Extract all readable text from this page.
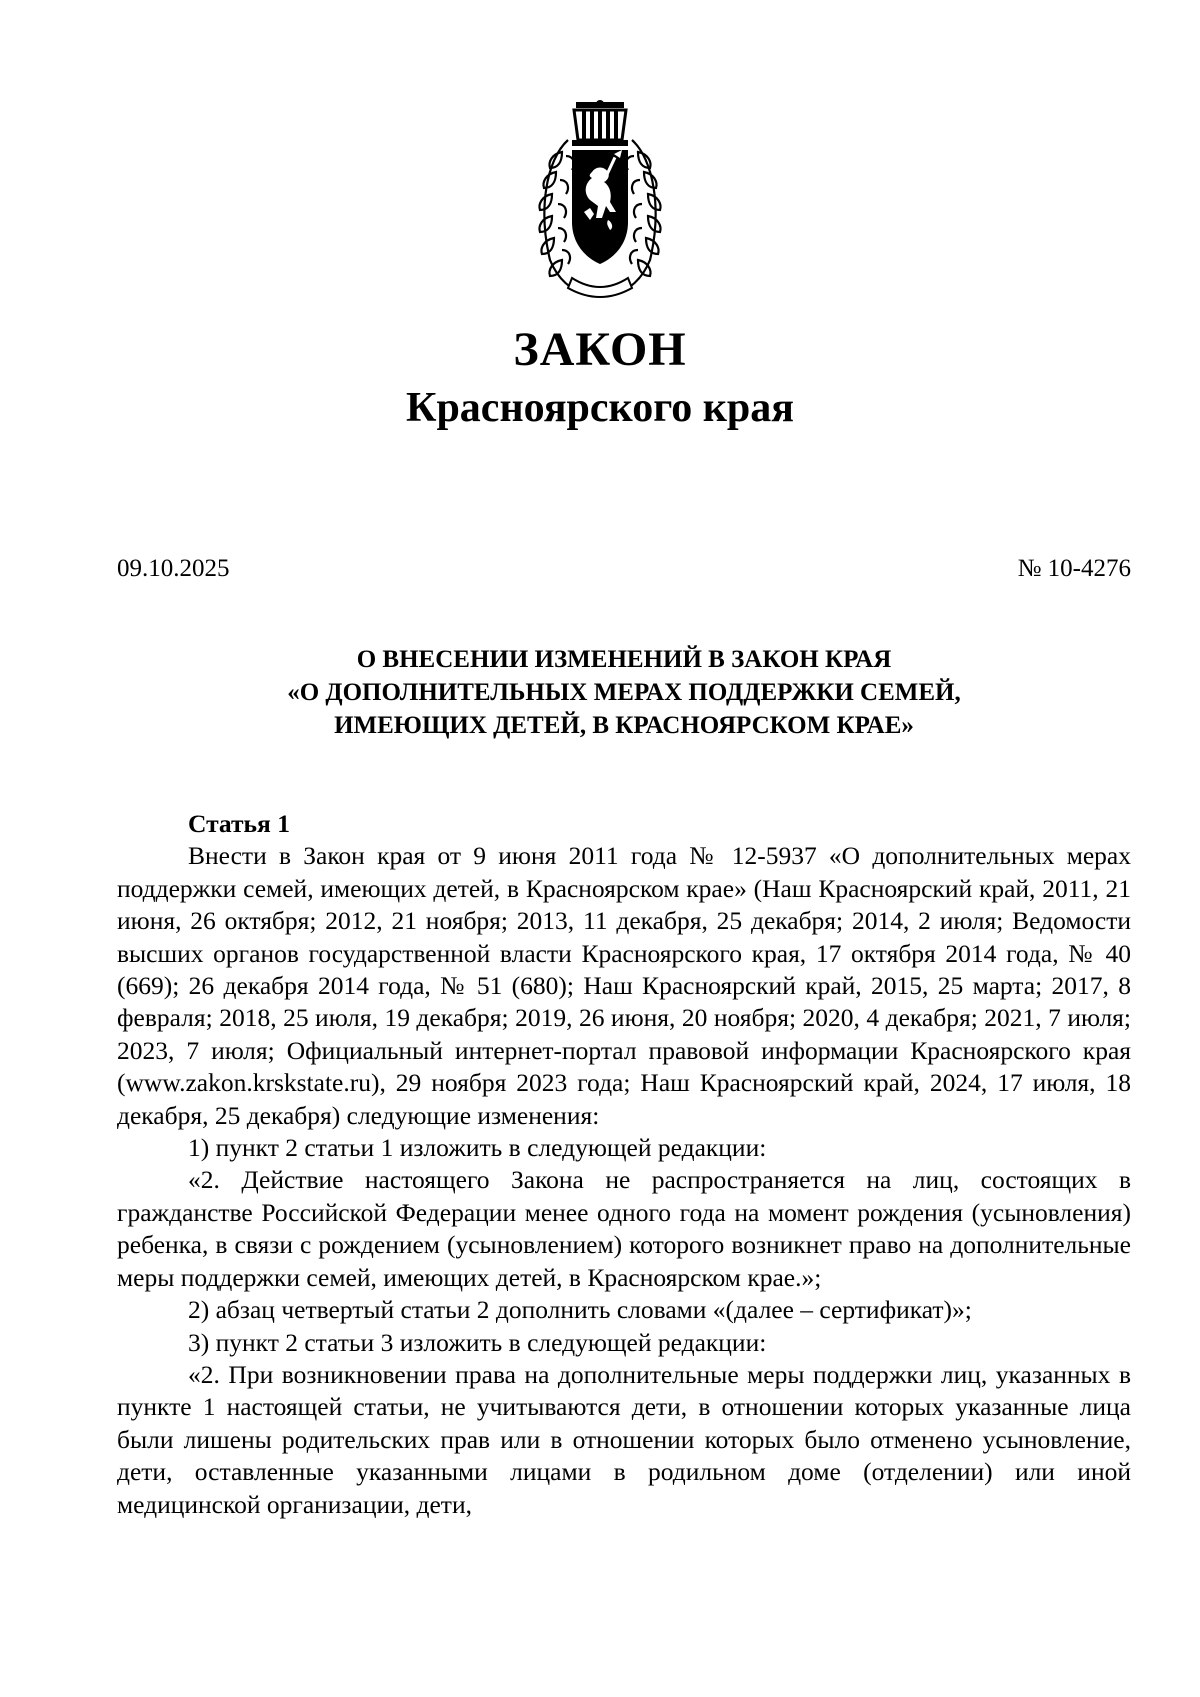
ЗАКОН
Красноярского края
09.10.2025	№ 10-4276
О ВНЕСЕНИИ ИЗМЕНЕНИЙ В ЗАКОН КРАЯ
«О ДОПОЛНИТЕЛЬНЫХ МЕРАХ ПОДДЕРЖКИ СЕМЕЙ,
ИМЕЮЩИХ ДЕТЕЙ, В КРАСНОЯРСКОМ КРАЕ»
Статья 1

Внести в Закон края от 9 июня 2011 года № 12-5937 «О дополнительных мерах поддержки семей, имеющих детей, в Красноярском крае» (Наш Красноярский край, 2011, 21 июня, 26 октября; 2012, 21 ноября; 2013, 11 декабря, 25 декабря; 2014, 2 июля; Ведомости высших органов государственной власти Красноярского края, 17 октября 2014 года, № 40 (669); 26 декабря 2014 года, № 51 (680); Наш Красноярский край, 2015, 25 марта; 2017, 8 февраля; 2018, 25 июля, 19 декабря; 2019, 26 июня, 20 ноября; 2020, 4 декабря; 2021, 7 июля; 2023, 7 июля; Официальный интернет-портал правовой информации Красноярского края (www.zakon.krskstate.ru), 29 ноября 2023 года; Наш Красноярский край, 2024, 17 июля, 18 декабря, 25 декабря) следующие изменения:

1) пункт 2 статьи 1 изложить в следующей редакции:

«2. Действие настоящего Закона не распространяется на лиц, состоящих в гражданстве Российской Федерации менее одного года на момент рождения (усыновления) ребенка, в связи с рождением (усыновлением) которого возникнет право на дополнительные меры поддержки семей, имеющих детей, в Красноярском крае.»;

2) абзац четвертый статьи 2 дополнить словами «(далее – сертификат)»;

3) пункт 2 статьи 3 изложить в следующей редакции:

«2. При возникновении права на дополнительные меры поддержки лиц, указанных в пункте 1 настоящей статьи, не учитываются дети, в отношении которых указанные лица были лишены родительских прав или в отношении которых было отменено усыновление, дети, оставленные указанными лицами в родильном доме (отделении) или иной медицинской организации, дети,
